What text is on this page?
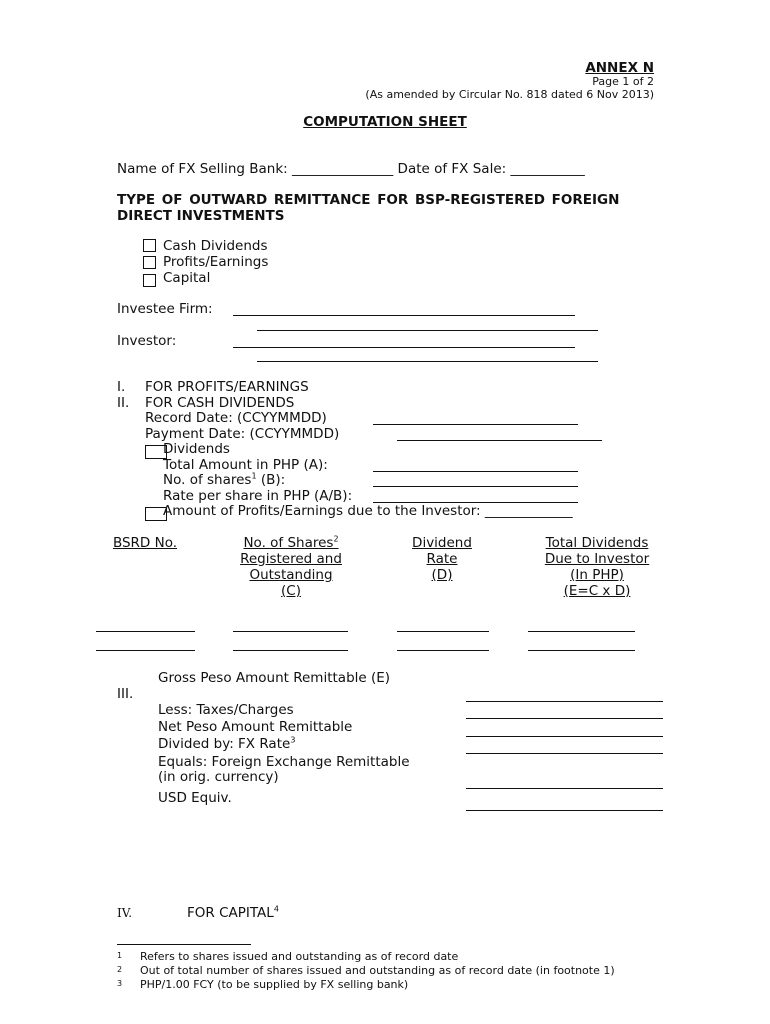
ANNEX N
Page 1 of 2
(As amended by Circular No. 818 dated 6 Nov 2013)
COMPUTATION SHEET
Name of FX Selling Bank: _______________ Date of FX Sale: ___________
TYPE OF OUTWARD REMITTANCE FOR BSP-REGISTERED FOREIGN
DIRECT INVESTMENTS
Cash Dividends
Profits/Earnings
Capital
Investee Firm:
Investor:
I. FOR PROFITS/EARNINGS
II. FOR CASH DIVIDENDS
Record Date: (CCYYMMDD)
Payment Date: (CCYYMMDD)
Dividends
Total Amount in PHP (A):
No. of shares$^1$ (B):
Rate per share in PHP (A/B):
Amount of Profits/Earnings due to the Investor: _____________
BSRD No.	No. of Shares$^2$
Registered and
Outstanding
(C)
Dividend
Rate
(D)
Total Dividends
Due to Investor
(In PHP)
(E=C x D)
Gross Peso Amount Remittable (E)
III.
Less: Taxes/Charges
Net Peso Amount Remittable
Divided by: FX Rate$^3$
Equals: Foreign Exchange Remittable
(in orig. currency)
USD Equiv.
IV.	FOR CAPITAL$^4$
1 Refers to shares issued and outstanding as of record date
2 Out of total number of shares issued and outstanding as of record date (in footnote 1)
3 PHP/1.00 FCY (to be supplied by FX selling bank)
